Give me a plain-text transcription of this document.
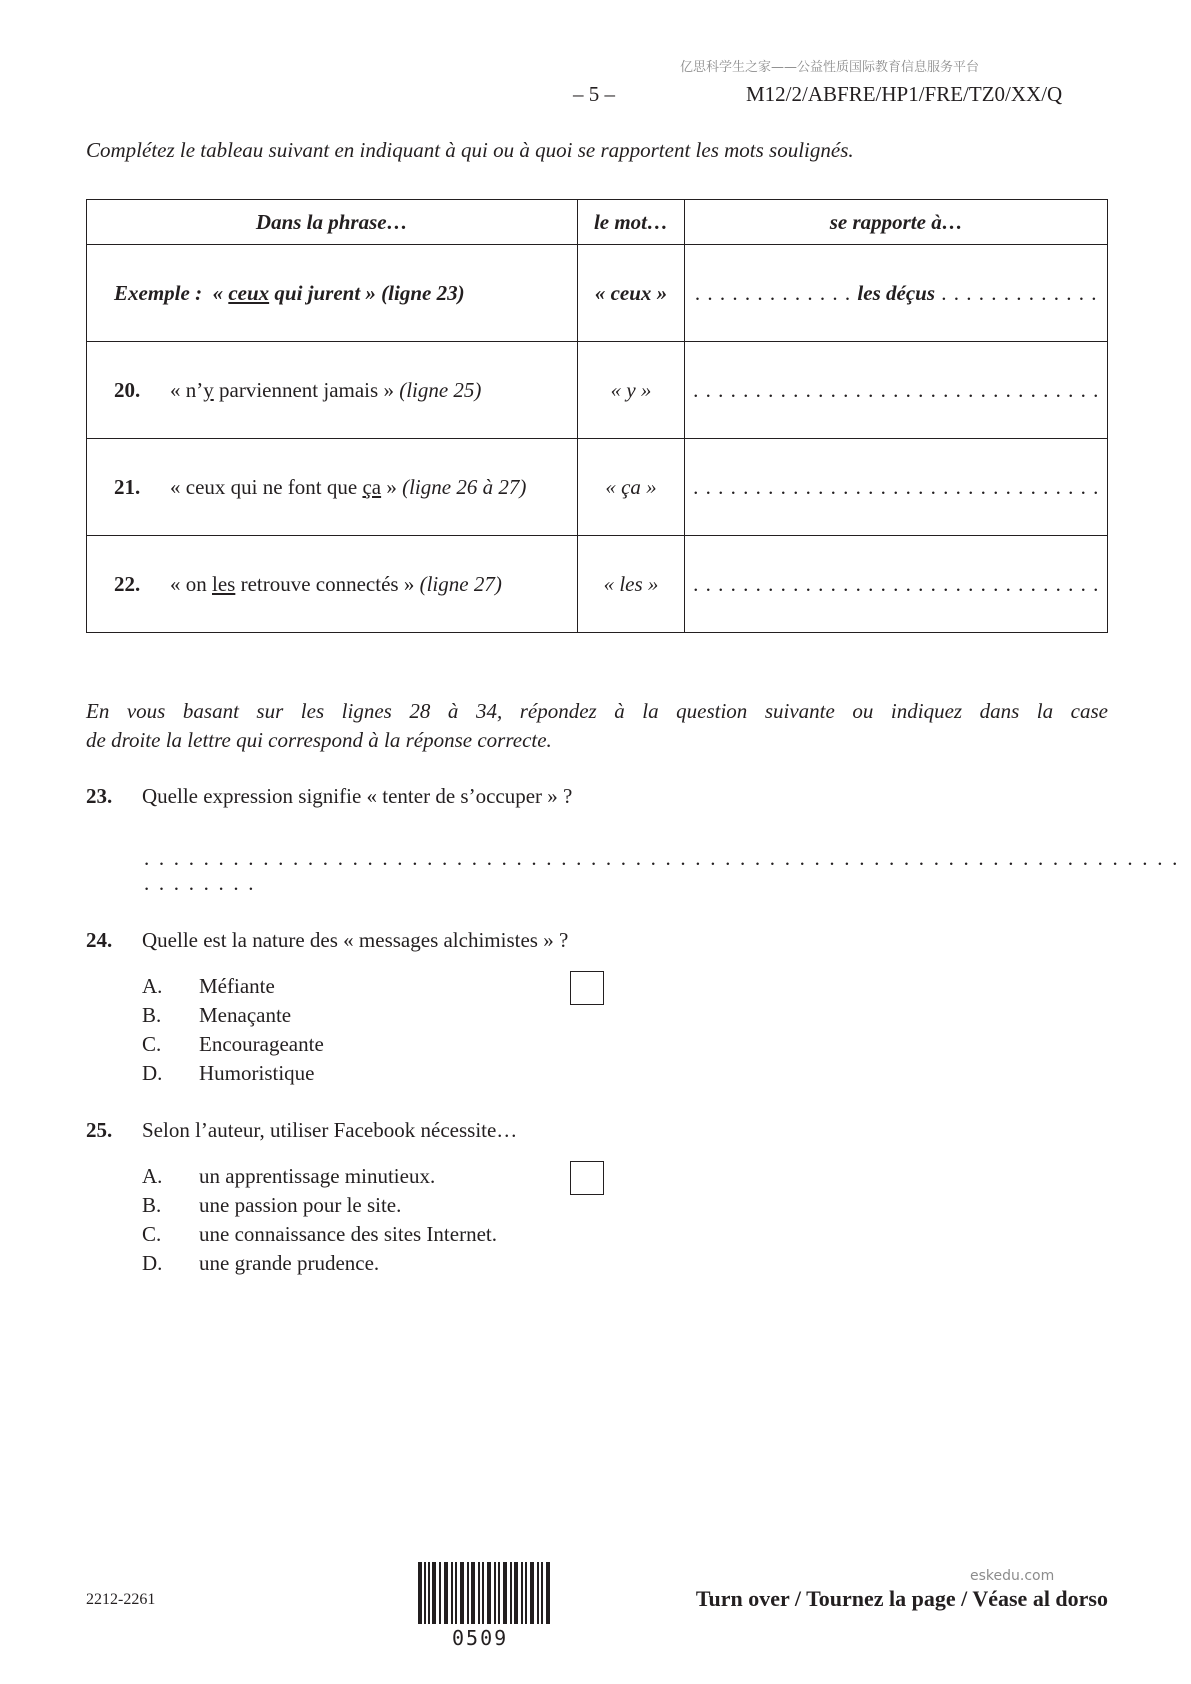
亿思科学生之家——公益性质国际教育信息服务平台
– 5 –	M12/2/ABFRE/HP1/FRE/TZ0/XX/Q
Complétez le tableau suivant en indiquant à qui ou à quoi se rapportent les mots soulignés.
Dans la phrase…	le mot…	se rapporte à…
Exemple : « ceux qui jurent » (ligne 23)	« ceux »	. . . . . . . . . . . . . les déçus . . . . . . . . . . . . .
20. « n’y parviennent jamais » (ligne 25)	« y »	. . . . . . . . . . . . . . . . . . . . . . . . . . . . . . . . .
21. « ceux qui ne font que ça » (ligne 26 à 27)	« ça »	. . . . . . . . . . . . . . . . . . . . . . . . . . . . . . . . .
22. « on les retrouve connectés » (ligne 27)	« les »	. . . . . . . . . . . . . . . . . . . . . . . . . . . . . . . . .
En vous basant sur les lignes 28 à 34, répondez à la question suivante ou indiquez dans la case
de droite la lettre qui correspond à la réponse correcte.
23. Quelle expression signifie « tenter de s’occuper » ?
. . . . . . . . . . . . . . . . . . . . . . . . . . . . . . . . . . . . . . . . . . . . . . . . . . . . . . . . . . . . . . . . . . . . . . . . . . . . . .
24. Quelle est la nature des « messages alchimistes » ?
A. Méfiante
B. Menaçante
C. Encourageante
D. Humoristique
25. Selon l’auteur, utiliser Facebook nécessite…
A. un apprentissage minutieux.
B. une passion pour le site.
C. une connaissance des sites Internet.
D. une grande prudence.
2212-2261
0509
eskedu.com
Turn over / Tournez la page / Véase al dorso
